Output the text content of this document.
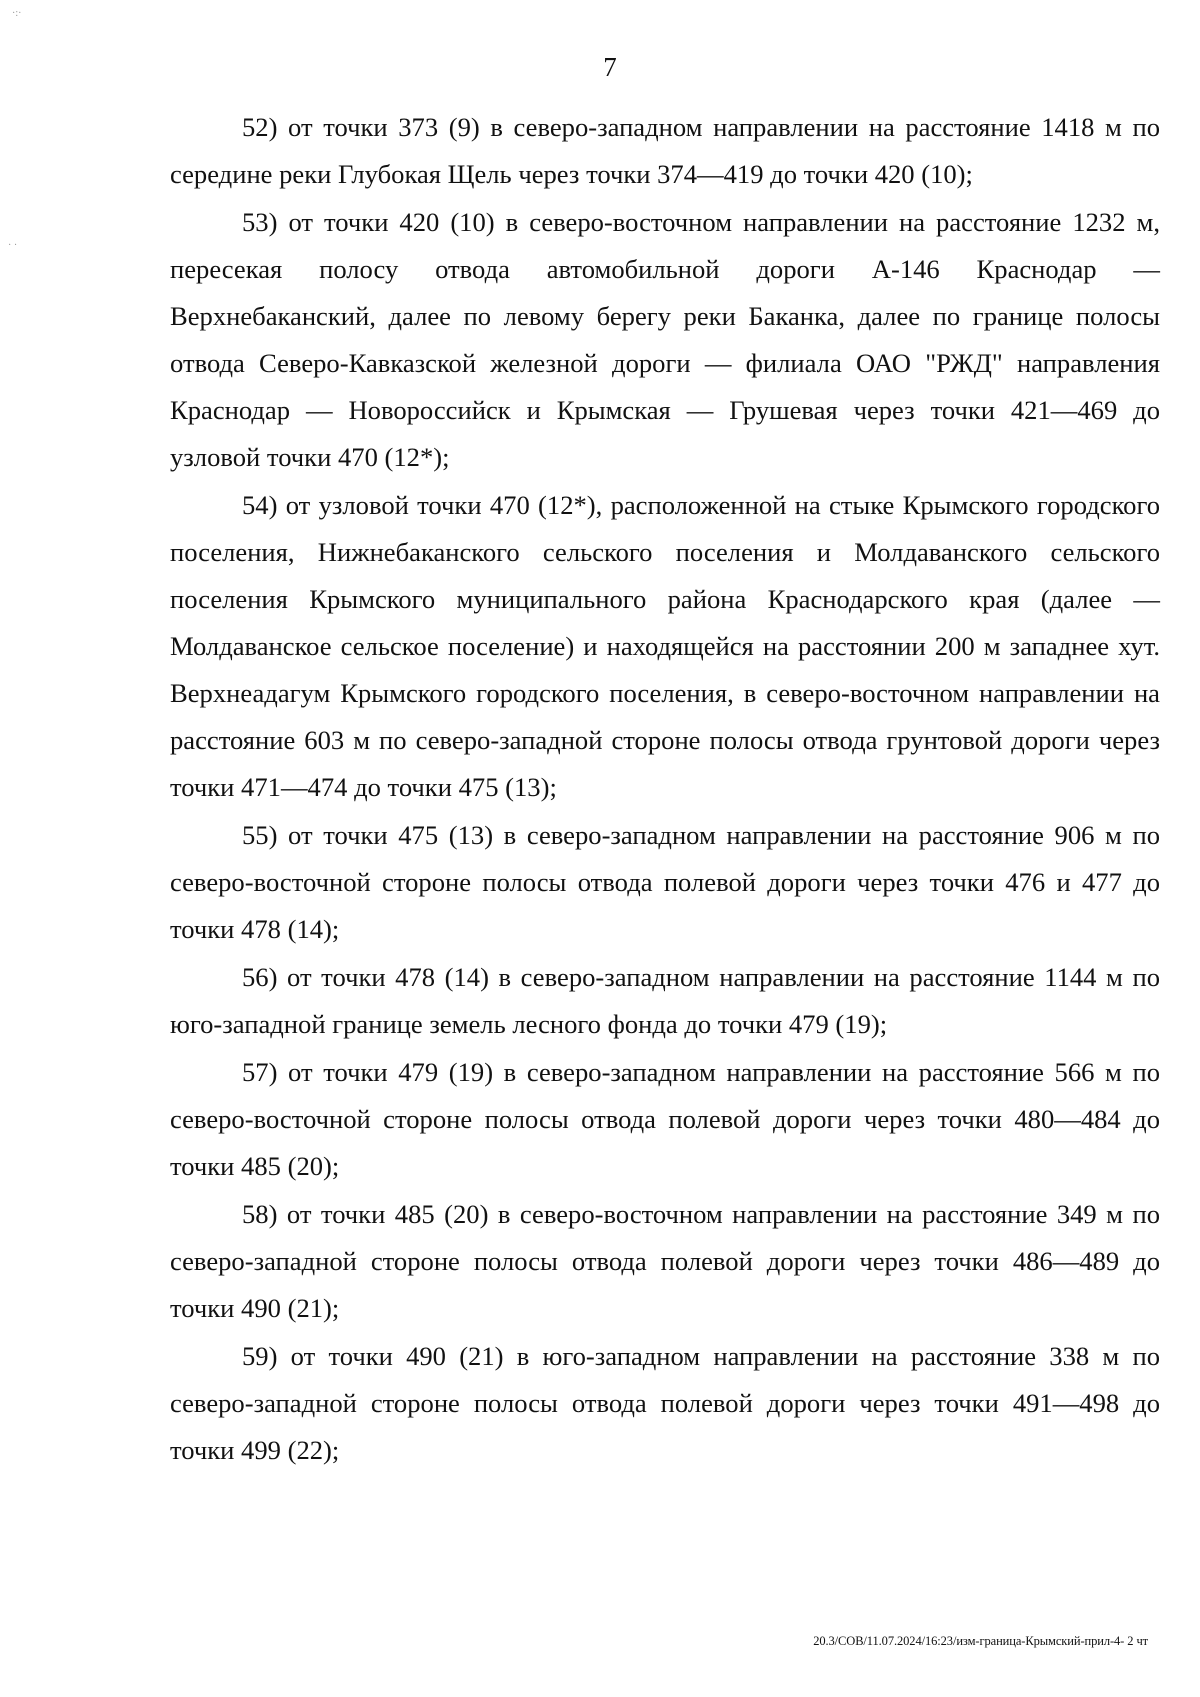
7

52) от точки 373 (9) в северо-западном направлении на расстояние 1418 м по середине реки Глубокая Щель через точки 374—419 до точки 420 (10);

53) от точки 420 (10) в северо-восточном направлении на расстояние 1232 м, пересекая полосу отвода автомобильной дороги А-146 Краснодар — Верхнебаканский, далее по левому берегу реки Баканка, далее по границе полосы отвода Северо-Кавказской железной дороги — филиала ОАО "РЖД" направления Краснодар — Новороссийск и Крымская — Грушевая через точки 421—469 до узловой точки 470 (12*);

54) от узловой точки 470 (12*), расположенной на стыке Крымского городского поселения, Нижнебаканского сельского поселения и Молдаванского сельского поселения Крымского муниципального района Краснодарского края (далее — Молдаванское сельское поселение) и находящейся на расстоянии 200 м западнее хут. Верхнеадагум Крымского городского поселения, в северо-восточном направлении на расстояние 603 м по северо-западной стороне полосы отвода грунтовой дороги через точки 471—474 до точки 475 (13);

55) от точки 475 (13) в северо-западном направлении на расстояние 906 м по северо-восточной стороне полосы отвода полевой дороги через точки 476 и 477 до точки 478 (14);

56) от точки 478 (14) в северо-западном направлении на расстояние 1144 м по юго-западной границе земель лесного фонда до точки 479 (19);

57) от точки 479 (19) в северо-западном направлении на расстояние 566 м по северо-восточной стороне полосы отвода полевой дороги через точки 480—484 до точки 485 (20);

58) от точки 485 (20) в северо-восточном направлении на расстояние 349 м по северо-западной стороне полосы отвода полевой дороги через точки 486—489 до точки 490 (21);

59) от точки 490 (21) в юго-западном направлении на расстояние 338 м по северо-западной стороне полосы отвода полевой дороги через точки 491—498 до точки 499 (22);

20.3/СОВ/11.07.2024/16:23/изм-граница-Крымский-прил-4- 2 чт
·:·
· ·
